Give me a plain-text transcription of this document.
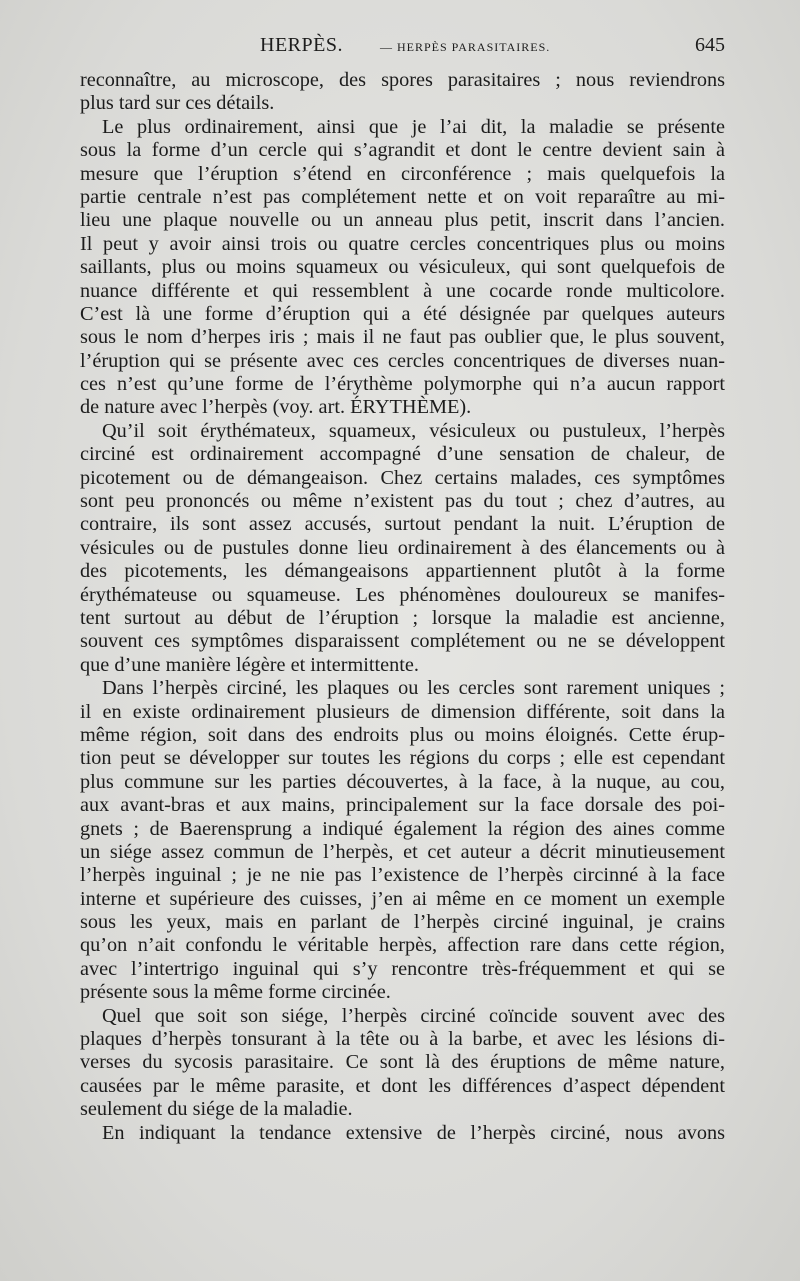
HERPÈS.	— HERPÈS PARASITAIRES.	645
reconnaître, au microscope, des spores parasitaires ; nous reviendrons
plus tard sur ces détails.
Le plus ordinairement, ainsi que je l’ai dit, la maladie se présente
sous la forme d’un cercle qui s’agrandit et dont le centre devient sain à
mesure que l’éruption s’étend en circonférence ; mais quelquefois la
partie centrale n’est pas complétement nette et on voit reparaître au mi-
lieu une plaque nouvelle ou un anneau plus petit, inscrit dans l’ancien.
Il peut y avoir ainsi trois ou quatre cercles concentriques plus ou moins
saillants, plus ou moins squameux ou vésiculeux, qui sont quelquefois de
nuance différente et qui ressemblent à une cocarde ronde multicolore.
C’est là une forme d’éruption qui a été désignée par quelques auteurs
sous le nom d’herpes iris ; mais il ne faut pas oublier que, le plus souvent,
l’éruption qui se présente avec ces cercles concentriques de diverses nuan-
ces n’est qu’une forme de l’érythème polymorphe qui n’a aucun rapport
de nature avec l’herpès (voy. art. ÉRYTHÈME).
Qu’il soit érythémateux, squameux, vésiculeux ou pustuleux, l’herpès
circiné est ordinairement accompagné d’une sensation de chaleur, de
picotement ou de démangeaison. Chez certains malades, ces symptômes
sont peu prononcés ou même n’existent pas du tout ; chez d’autres, au
contraire, ils sont assez accusés, surtout pendant la nuit. L’éruption de
vésicules ou de pustules donne lieu ordinairement à des élancements ou à
des picotements, les démangeaisons appartiennent plutôt à la forme
érythémateuse ou squameuse. Les phénomènes douloureux se manifes-
tent surtout au début de l’éruption ; lorsque la maladie est ancienne,
souvent ces symptômes disparaissent complétement ou ne se développent
que d’une manière légère et intermittente.
Dans l’herpès circiné, les plaques ou les cercles sont rarement uniques ;
il en existe ordinairement plusieurs de dimension différente, soit dans la
même région, soit dans des endroits plus ou moins éloignés. Cette érup-
tion peut se développer sur toutes les régions du corps ; elle est cependant
plus commune sur les parties découvertes, à la face, à la nuque, au cou,
aux avant-bras et aux mains, principalement sur la face dorsale des poi-
gnets ; de Baerensprung a indiqué également la région des aines comme
un siége assez commun de l’herpès, et cet auteur a décrit minutieusement
l’herpès inguinal ; je ne nie pas l’existence de l’herpès circinné à la face
interne et supérieure des cuisses, j’en ai même en ce moment un exemple
sous les yeux, mais en parlant de l’herpès circiné inguinal, je crains
qu’on n’ait confondu le véritable herpès, affection rare dans cette région,
avec l’intertrigo inguinal qui s’y rencontre très-fréquemment et qui se
présente sous la même forme circinée.
Quel que soit son siége, l’herpès circiné coïncide souvent avec des
plaques d’herpès tonsurant à la tête ou à la barbe, et avec les lésions di-
verses du sycosis parasitaire. Ce sont là des éruptions de même nature,
causées par le même parasite, et dont les différences d’aspect dépendent
seulement du siége de la maladie.
En indiquant la tendance extensive de l’herpès circiné, nous avons
